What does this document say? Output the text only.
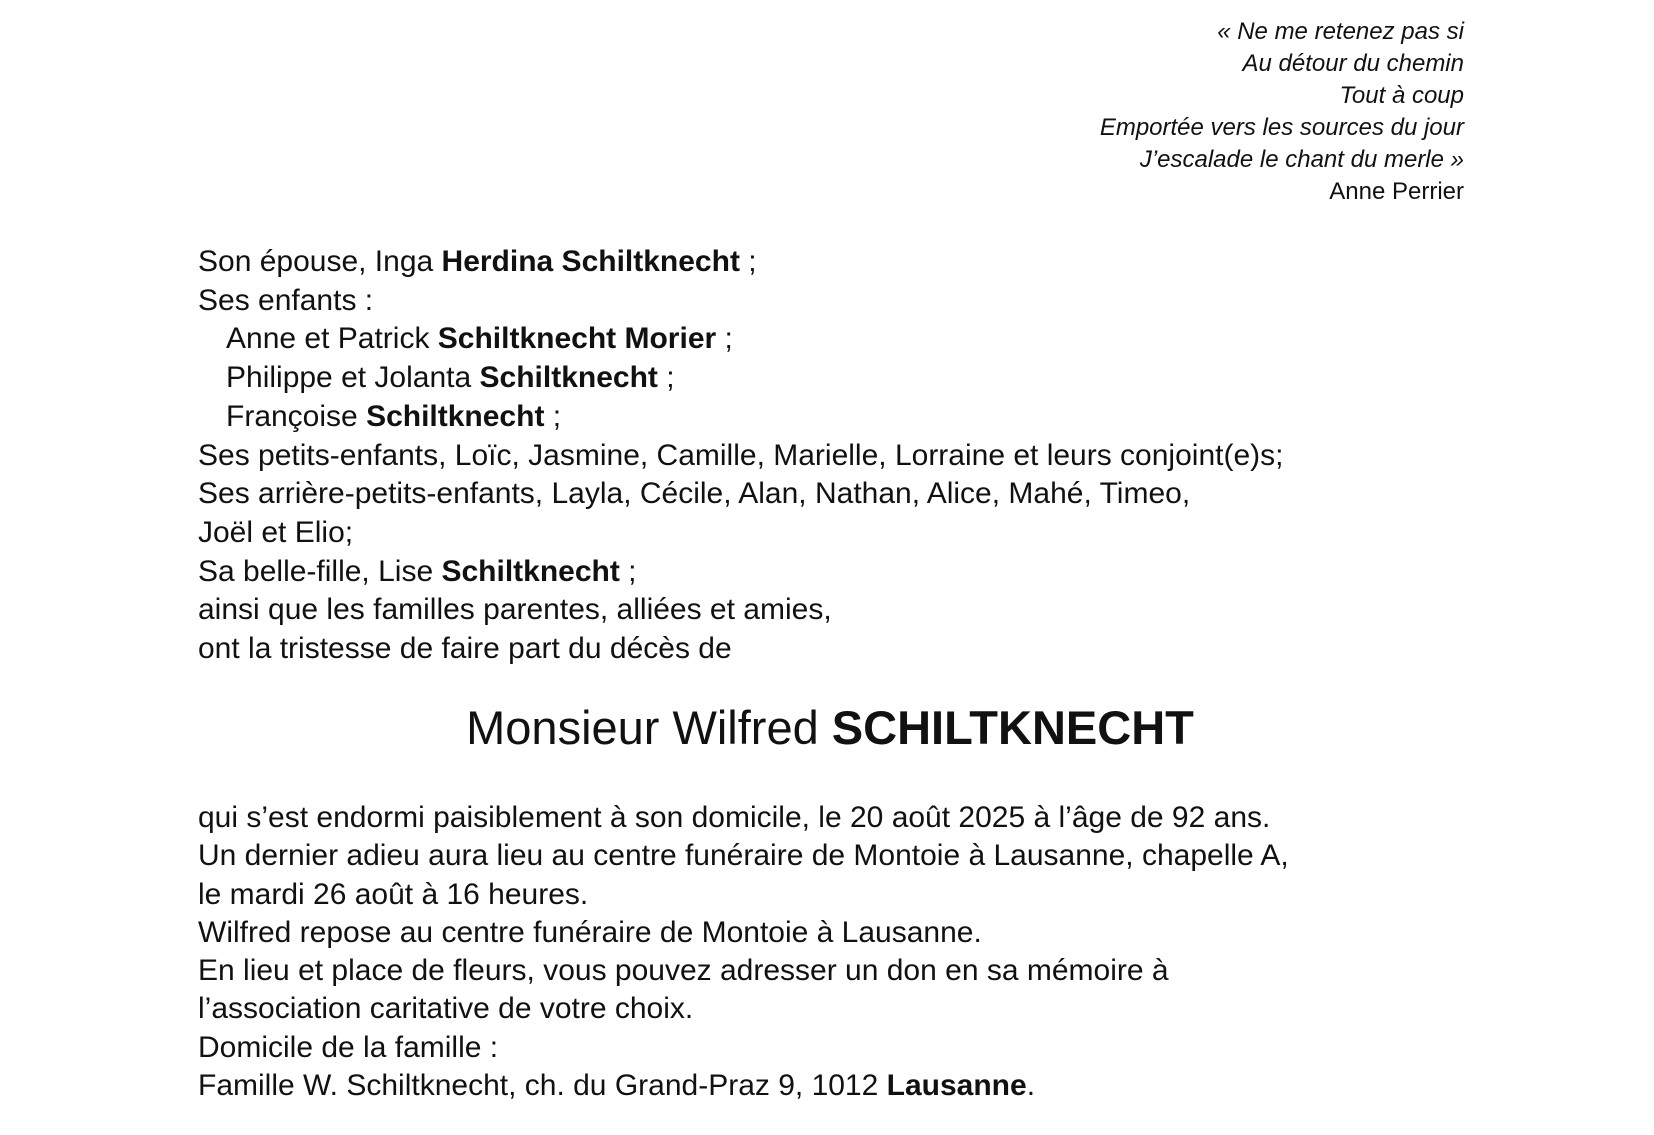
« Ne me retenez pas si
Au détour du chemin
Tout à coup
Emportée vers les sources du jour
J’escalade le chant du merle »
Anne Perrier
Son épouse, Inga Herdina Schiltknecht ;
Ses enfants :
Anne et Patrick Schiltknecht Morier ;
Philippe et Jolanta Schiltknecht ;
Françoise Schiltknecht ;
Ses petits-enfants, Loïc, Jasmine, Camille, Marielle, Lorraine et leurs conjoint(e)s;
Ses arrière-petits-enfants, Layla, Cécile, Alan, Nathan, Alice, Mahé, Timeo,
Joël et Elio;
Sa belle-fille, Lise Schiltknecht ;
ainsi que les familles parentes, alliées et amies,
ont la tristesse de faire part du décès de
Monsieur Wilfred SCHILTKNECHT
qui s’est endormi paisiblement à son domicile, le 20 août 2025 à l’âge de 92 ans.
Un dernier adieu aura lieu au centre funéraire de Montoie à Lausanne, chapelle A,
le mardi 26 août à 16 heures.
Wilfred repose au centre funéraire de Montoie à Lausanne.
En lieu et place de fleurs, vous pouvez adresser un don en sa mémoire à
l’association caritative de votre choix.
Domicile de la famille :
Famille W. Schiltknecht, ch. du Grand-Praz 9, 1012 Lausanne.
